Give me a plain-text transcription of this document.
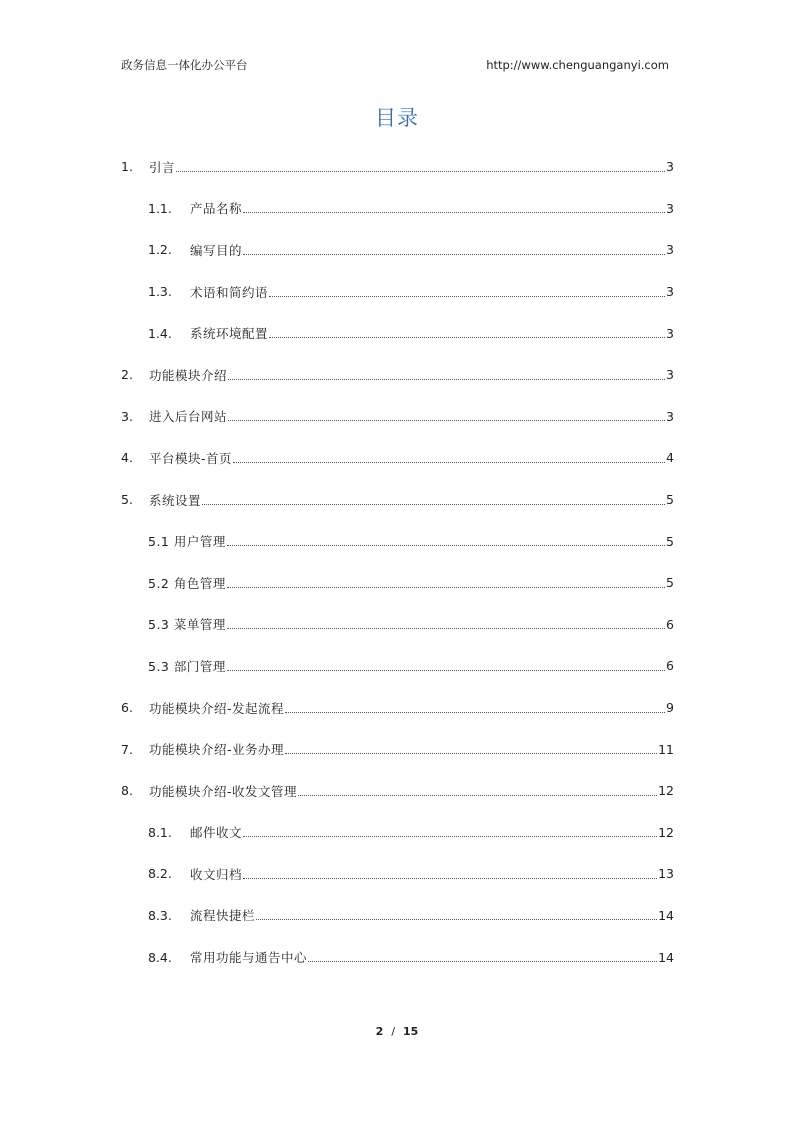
政务信息一体化办公平台	http://www.chenguanganyi.com
目录
1.	引言	3
1.1.	产品名称	3
1.2.	编写目的	3
1.3.	术语和简约语	3
1.4.	系统环境配置	3
2.	功能模块介绍	3
3.	进入后台网站	3
4.	平台模块-首页	4
5.	系统设置	5
5.1 用户管理	5
5.2 角色管理	5
5.3 菜单管理	6
5.3 部门管理	6
6.	功能模块介绍-发起流程	9
7.	功能模块介绍-业务办理	11
8.	功能模块介绍-收发文管理	12
8.1.	邮件收文	12
8.2.	收文归档	13
8.3.	流程快捷栏	14
8.4.	常用功能与通告中心	14
2 / 15
